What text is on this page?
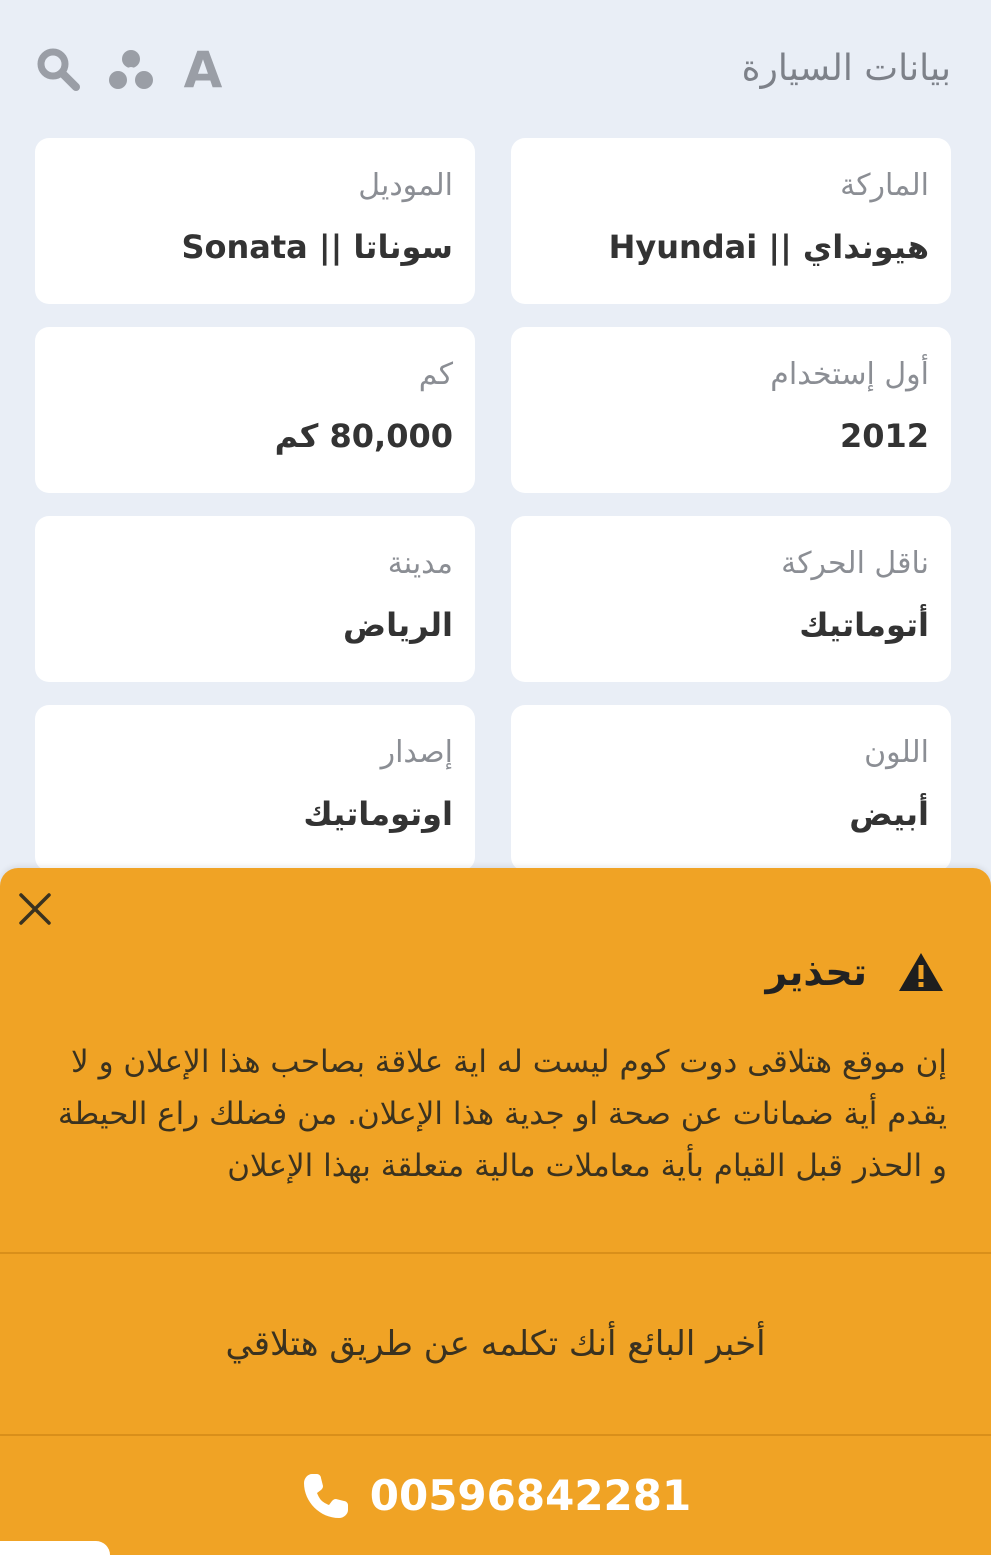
بيانات السيارة
A
الماركة
هيونداي || Hyundai
الموديل
سوناتا || Sonata
أول إستخدام
2012
كم
80,000 كم
ناقل الحركة
أتوماتيك
مدينة
الرياض
اللون
أبيض
إصدار
اوتوماتيك
تحذير
إن موقع هتلاقى دوت كوم ليست له اية علاقة بصاحب هذا الإعلان و لا يقدم أية ضمانات عن صحة او جدية هذا الإعلان. من فضلك راع الحيطة و الحذر قبل القيام بأية معاملات مالية متعلقة بهذا الإعلان
أخبر البائع أنك تكلمه عن طريق هتلاقي
00596842281
